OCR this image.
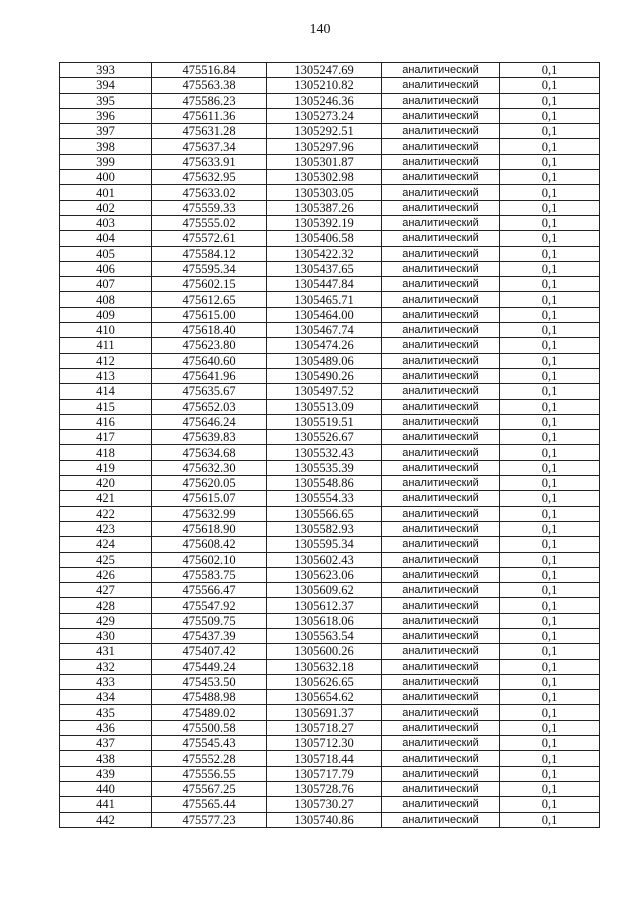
140
393	475516.84	1305247.69	аналитический	0,1
394	475563.38	1305210.82	аналитический	0,1
395	475586.23	1305246.36	аналитический	0,1
396	475611.36	1305273.24	аналитический	0,1
397	475631.28	1305292.51	аналитический	0,1
398	475637.34	1305297.96	аналитический	0,1
399	475633.91	1305301.87	аналитический	0,1
400	475632.95	1305302.98	аналитический	0,1
401	475633.02	1305303.05	аналитический	0,1
402	475559.33	1305387.26	аналитический	0,1
403	475555.02	1305392.19	аналитический	0,1
404	475572.61	1305406.58	аналитический	0,1
405	475584.12	1305422.32	аналитический	0,1
406	475595.34	1305437.65	аналитический	0,1
407	475602.15	1305447.84	аналитический	0,1
408	475612.65	1305465.71	аналитический	0,1
409	475615.00	1305464.00	аналитический	0,1
410	475618.40	1305467.74	аналитический	0,1
411	475623.80	1305474.26	аналитический	0,1
412	475640.60	1305489.06	аналитический	0,1
413	475641.96	1305490.26	аналитический	0,1
414	475635.67	1305497.52	аналитический	0,1
415	475652.03	1305513.09	аналитический	0,1
416	475646.24	1305519.51	аналитический	0,1
417	475639.83	1305526.67	аналитический	0,1
418	475634.68	1305532.43	аналитический	0,1
419	475632.30	1305535.39	аналитический	0,1
420	475620.05	1305548.86	аналитический	0,1
421	475615.07	1305554.33	аналитический	0,1
422	475632.99	1305566.65	аналитический	0,1
423	475618.90	1305582.93	аналитический	0,1
424	475608.42	1305595.34	аналитический	0,1
425	475602.10	1305602.43	аналитический	0,1
426	475583.75	1305623.06	аналитический	0,1
427	475566.47	1305609.62	аналитический	0,1
428	475547.92	1305612.37	аналитический	0,1
429	475509.75	1305618.06	аналитический	0,1
430	475437.39	1305563.54	аналитический	0,1
431	475407.42	1305600.26	аналитический	0,1
432	475449.24	1305632.18	аналитический	0,1
433	475453.50	1305626.65	аналитический	0,1
434	475488.98	1305654.62	аналитический	0,1
435	475489.02	1305691.37	аналитический	0,1
436	475500.58	1305718.27	аналитический	0,1
437	475545.43	1305712.30	аналитический	0,1
438	475552.28	1305718.44	аналитический	0,1
439	475556.55	1305717.79	аналитический	0,1
440	475567.25	1305728.76	аналитический	0,1
441	475565.44	1305730.27	аналитический	0,1
442	475577.23	1305740.86	аналитический	0,1
